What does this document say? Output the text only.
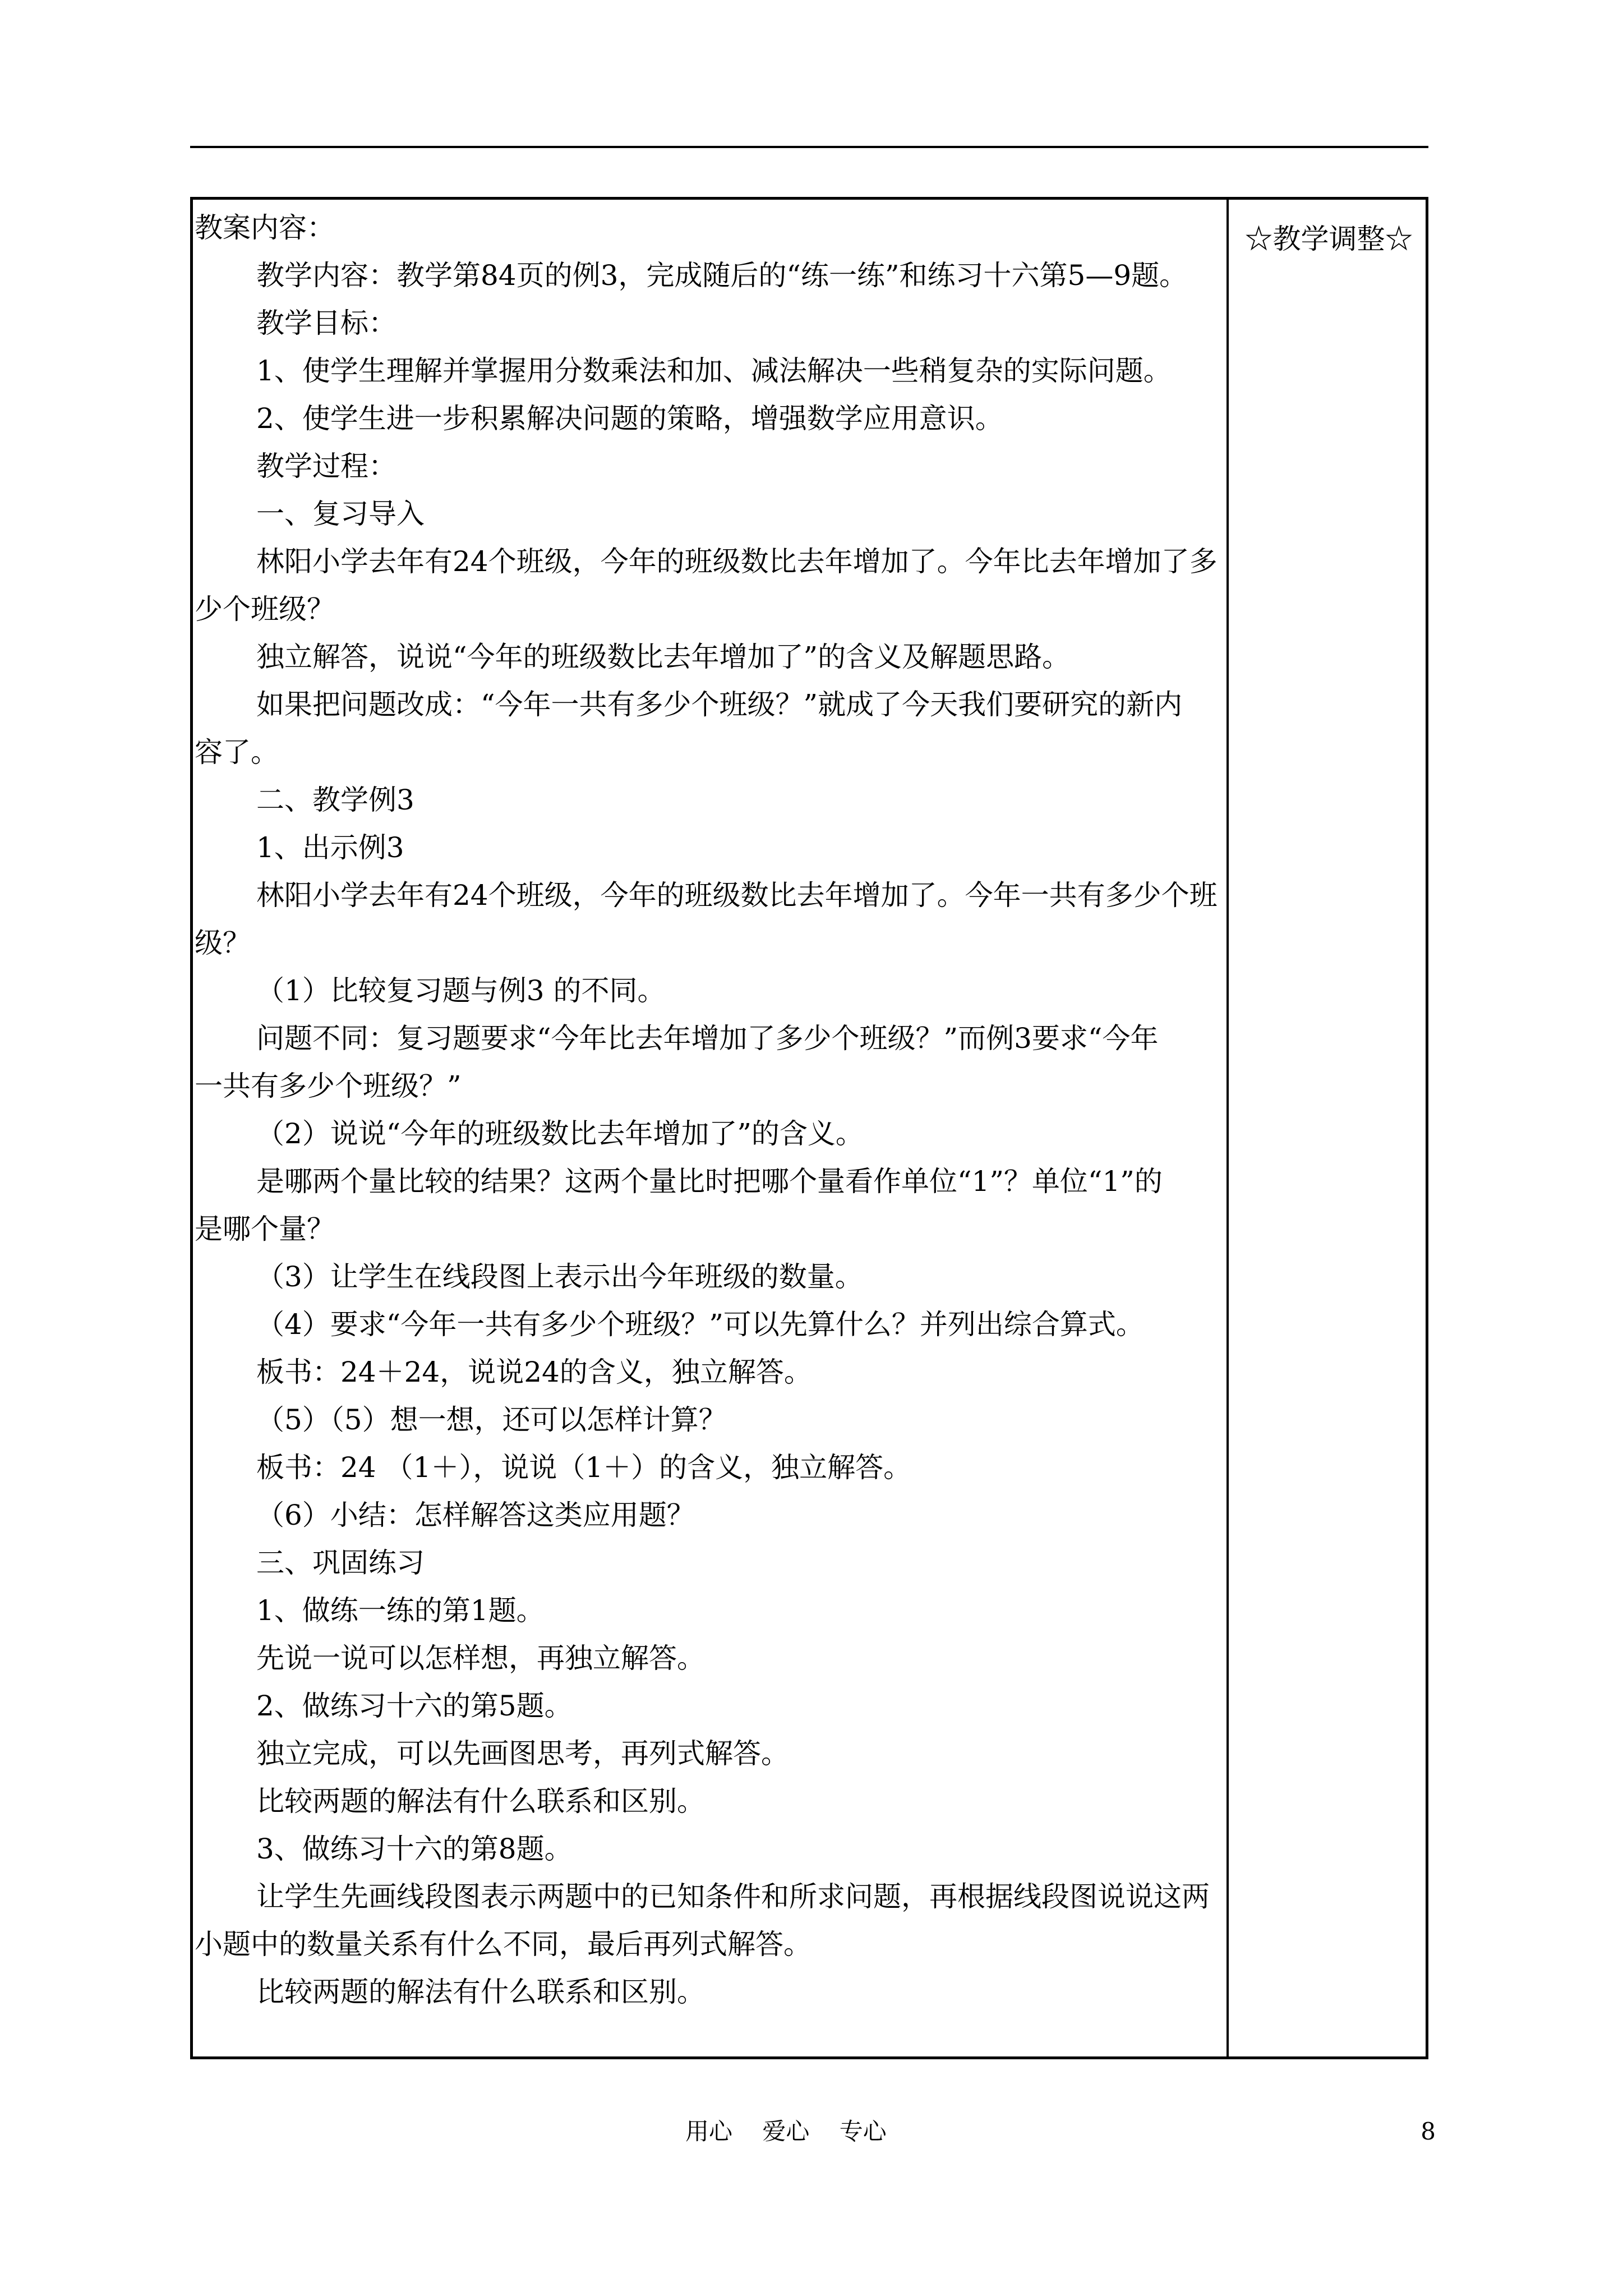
教案内容：
教学内容：教学第84页的例3，完成随后的“练一练”和练习十六第5—9题。
教学目标：
1、使学生理解并掌握用分数乘法和加、减法解决一些稍复杂的实际问题。
2、使学生进一步积累解决问题的策略，增强数学应用意识。
教学过程：
一、复习导入
林阳小学去年有24个班级，今年的班级数比去年增加了。今年比去年增加了多
少个班级？
独立解答，说说“今年的班级数比去年增加了”的含义及解题思路。
如果把问题改成：“今年一共有多少个班级？”就成了今天我们要研究的新内
容了。
二、教学例3
1、出示例3
林阳小学去年有24个班级，今年的班级数比去年增加了。今年一共有多少个班
级？
（1）比较复习题与例3 的不同。
问题不同：复习题要求“今年比去年增加了多少个班级？”而例3要求“今年
一共有多少个班级？”
（2）说说“今年的班级数比去年增加了”的含义。
是哪两个量比较的结果？这两个量比时把哪个量看作单位“1”？单位“1”的
是哪个量？
（3）让学生在线段图上表示出今年班级的数量。
（4）要求“今年一共有多少个班级？”可以先算什么？并列出综合算式。
板书：24＋24，说说24的含义，独立解答。
（5）（5）想一想，还可以怎样计算？
板书：24 （1＋），说说（1＋）的含义，独立解答。
（6）小结：怎样解答这类应用题？
三、巩固练习
1、做练一练的第1题。
先说一说可以怎样想，再独立解答。
2、做练习十六的第5题。
独立完成，可以先画图思考，再列式解答。
比较两题的解法有什么联系和区别。
3、做练习十六的第8题。
让学生先画线段图表示两题中的已知条件和所求问题，再根据线段图说说这两
小题中的数量关系有什么不同，最后再列式解答。
比较两题的解法有什么联系和区别。
☆教学调整☆
用心    爱心    专心	8
